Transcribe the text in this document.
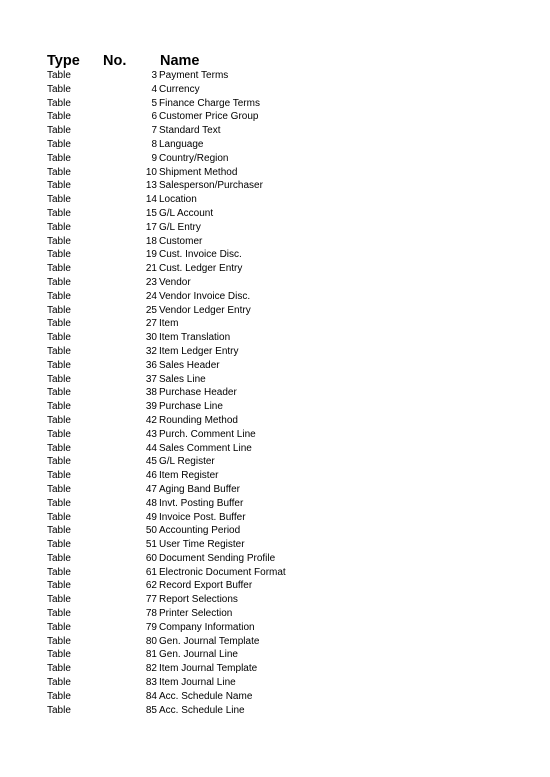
Type No. Name
Table	3 Payment Terms
Table	4 Currency
Table	5 Finance Charge Terms
Table	6 Customer Price Group
Table	7 Standard Text
Table	8 Language
Table	9 Country/Region
Table	10 Shipment Method
Table	13 Salesperson/Purchaser
Table	14 Location
Table	15 G/L Account
Table	17 G/L Entry
Table	18 Customer
Table	19 Cust. Invoice Disc.
Table	21 Cust. Ledger Entry
Table	23 Vendor
Table	24 Vendor Invoice Disc.
Table	25 Vendor Ledger Entry
Table	27 Item
Table	30 Item Translation
Table	32 Item Ledger Entry
Table	36 Sales Header
Table	37 Sales Line
Table	38 Purchase Header
Table	39 Purchase Line
Table	42 Rounding Method
Table	43 Purch. Comment Line
Table	44 Sales Comment Line
Table	45 G/L Register
Table	46 Item Register
Table	47 Aging Band Buffer
Table	48 Invt. Posting Buffer
Table	49 Invoice Post. Buffer
Table	50 Accounting Period
Table	51 User Time Register
Table	60 Document Sending Profile
Table	61 Electronic Document Format
Table	62 Record Export Buffer
Table	77 Report Selections
Table	78 Printer Selection
Table	79 Company Information
Table	80 Gen. Journal Template
Table	81 Gen. Journal Line
Table	82 Item Journal Template
Table	83 Item Journal Line
Table	84 Acc. Schedule Name
Table	85 Acc. Schedule Line
